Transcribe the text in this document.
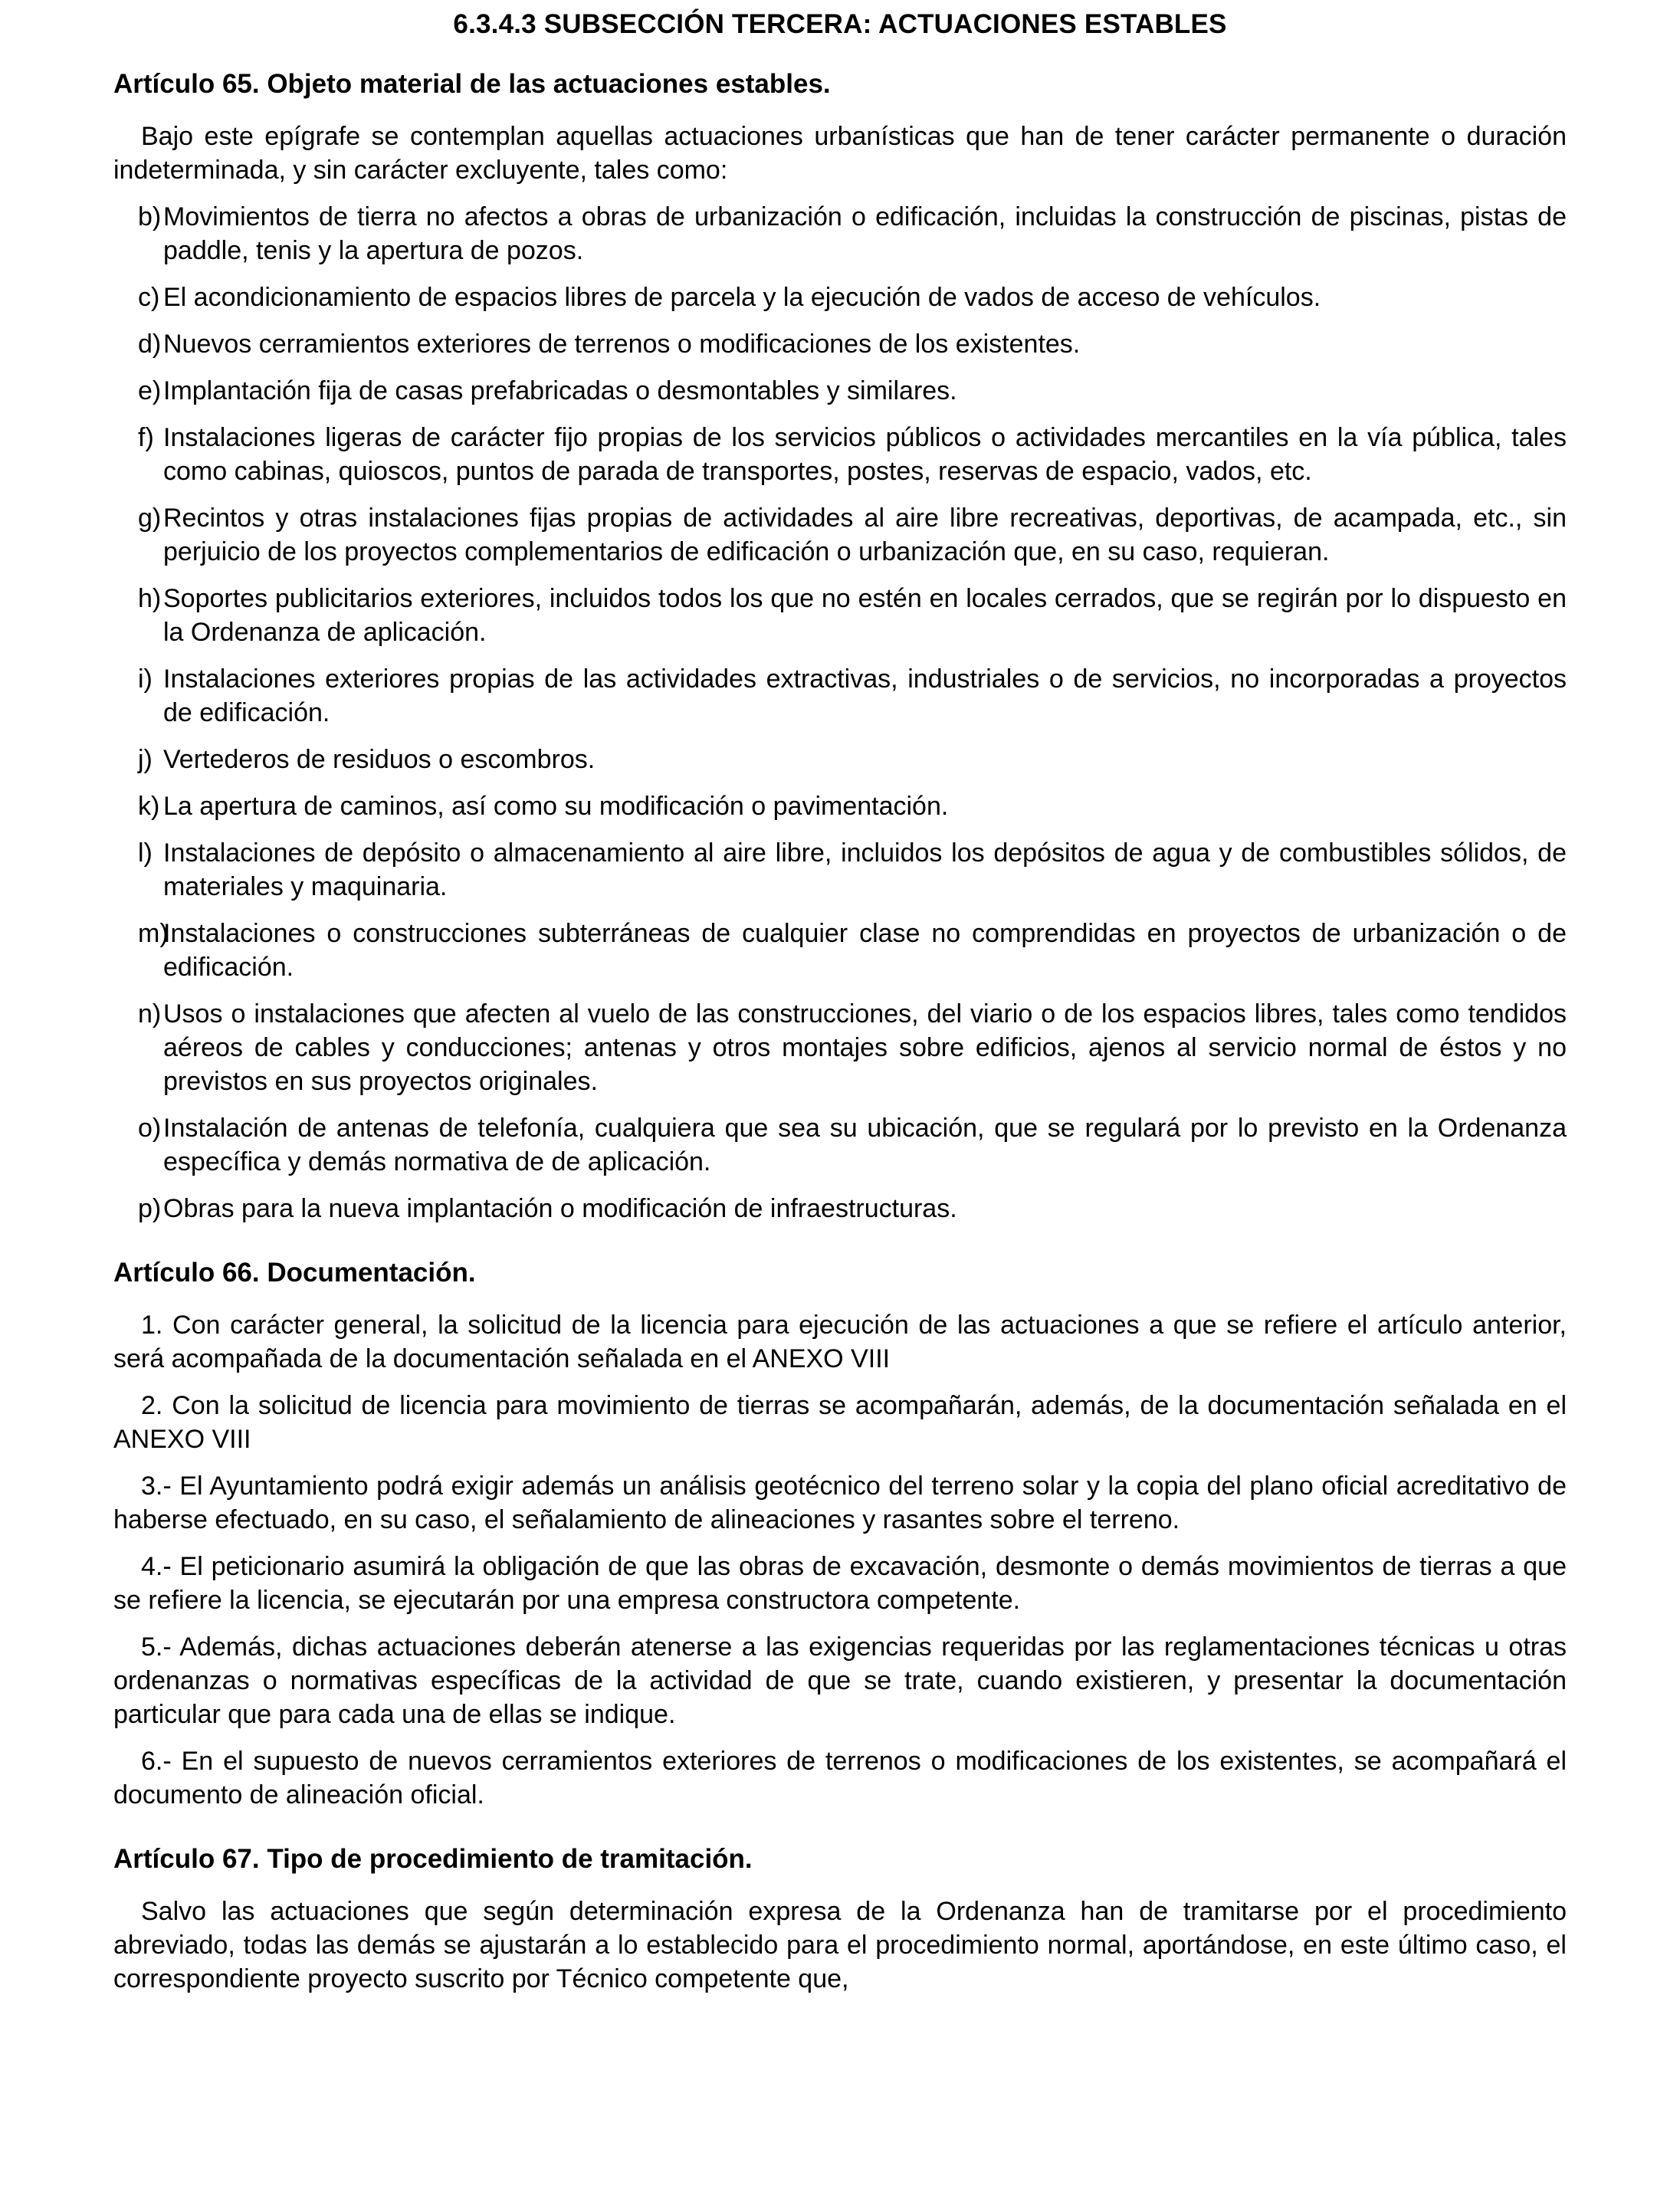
6.3.4.3 SUBSECCIÓN TERCERA: ACTUACIONES ESTABLES
Artículo 65. Objeto material de las actuaciones estables.

Bajo este epígrafe se contemplan aquellas actuaciones urbanísticas que han de tener carácter permanente o duración indeterminada, y sin carácter excluyente, tales como:

b) Movimientos de tierra no afectos a obras de urbanización o edificación, incluidas la construcción de piscinas, pistas de paddle, tenis y la apertura de pozos.
c) El acondicionamiento de espacios libres de parcela y la ejecución de vados de acceso de vehículos.
d) Nuevos cerramientos exteriores de terrenos o modificaciones de los existentes.
e) Implantación fija de casas prefabricadas o desmontables y similares.
f) Instalaciones ligeras de carácter fijo propias de los servicios públicos o actividades mercantiles en la vía pública, tales como cabinas, quioscos, puntos de parada de transportes, postes, reservas de espacio, vados, etc.
g) Recintos y otras instalaciones fijas propias de actividades al aire libre recreativas, deportivas, de acampada, etc., sin perjuicio de los proyectos complementarios de edificación o urbanización que, en su caso, requieran.
h) Soportes publicitarios exteriores, incluidos todos los que no estén en locales cerrados, que se regirán por lo dispuesto en la Ordenanza de aplicación.
i) Instalaciones exteriores propias de las actividades extractivas, industriales o de servicios, no incorporadas a proyectos de edificación.
j) Vertederos de residuos o escombros.
k) La apertura de caminos, así como su modificación o pavimentación.
l) Instalaciones de depósito o almacenamiento al aire libre, incluidos los depósitos de agua y de combustibles sólidos, de materiales y maquinaria.
m)
Instalaciones o construcciones subterráneas de cualquier clase no comprendidas en proyectos de urbanización o de edificación.
n) Usos o instalaciones que afecten al vuelo de las construcciones, del viario o de los espacios libres, tales como tendidos aéreos de cables y conducciones; antenas y otros montajes sobre edificios, ajenos al servicio normal de éstos y no previstos en sus proyectos originales.
o) Instalación de antenas de telefonía, cualquiera que sea su ubicación, que se regulará por lo previsto en la Ordenanza específica y demás normativa de de aplicación.
p) Obras para la nueva implantación o modificación de infraestructuras.
Artículo 66. Documentación.

1. Con carácter general, la solicitud de la licencia para ejecución de las actuaciones a que se refiere el artículo anterior, será acompañada de la documentación señalada en el ANEXO VIII

2. Con la solicitud de licencia para movimiento de tierras se acompañarán, además, de la documentación señalada en el ANEXO VIII

3.- El Ayuntamiento podrá exigir además un análisis geotécnico del terreno solar y la copia del plano oficial acreditativo de haberse efectuado, en su caso, el señalamiento de alineaciones y rasantes sobre el terreno.

4.- El peticionario asumirá la obligación de que las obras de excavación, desmonte o demás movimientos de tierras a que se refiere la licencia, se ejecutarán por una empresa constructora competente.

5.- Además, dichas actuaciones deberán atenerse a las exigencias requeridas por las reglamentaciones técnicas u otras ordenanzas o normativas específicas de la actividad de que se trate, cuando existieren, y presentar la documentación particular que para cada una de ellas se indique.

6.- En el supuesto de nuevos cerramientos exteriores de terrenos o modificaciones de los existentes, se acompañará el documento de alineación oficial.

Artículo 67. Tipo de procedimiento de tramitación.

Salvo las actuaciones que según determinación expresa de la Ordenanza han de tramitarse por el procedimiento abreviado, todas las demás se ajustarán a lo establecido para el procedimiento normal, aportándose, en este último caso, el correspondiente proyecto suscrito por Técnico competente que,
